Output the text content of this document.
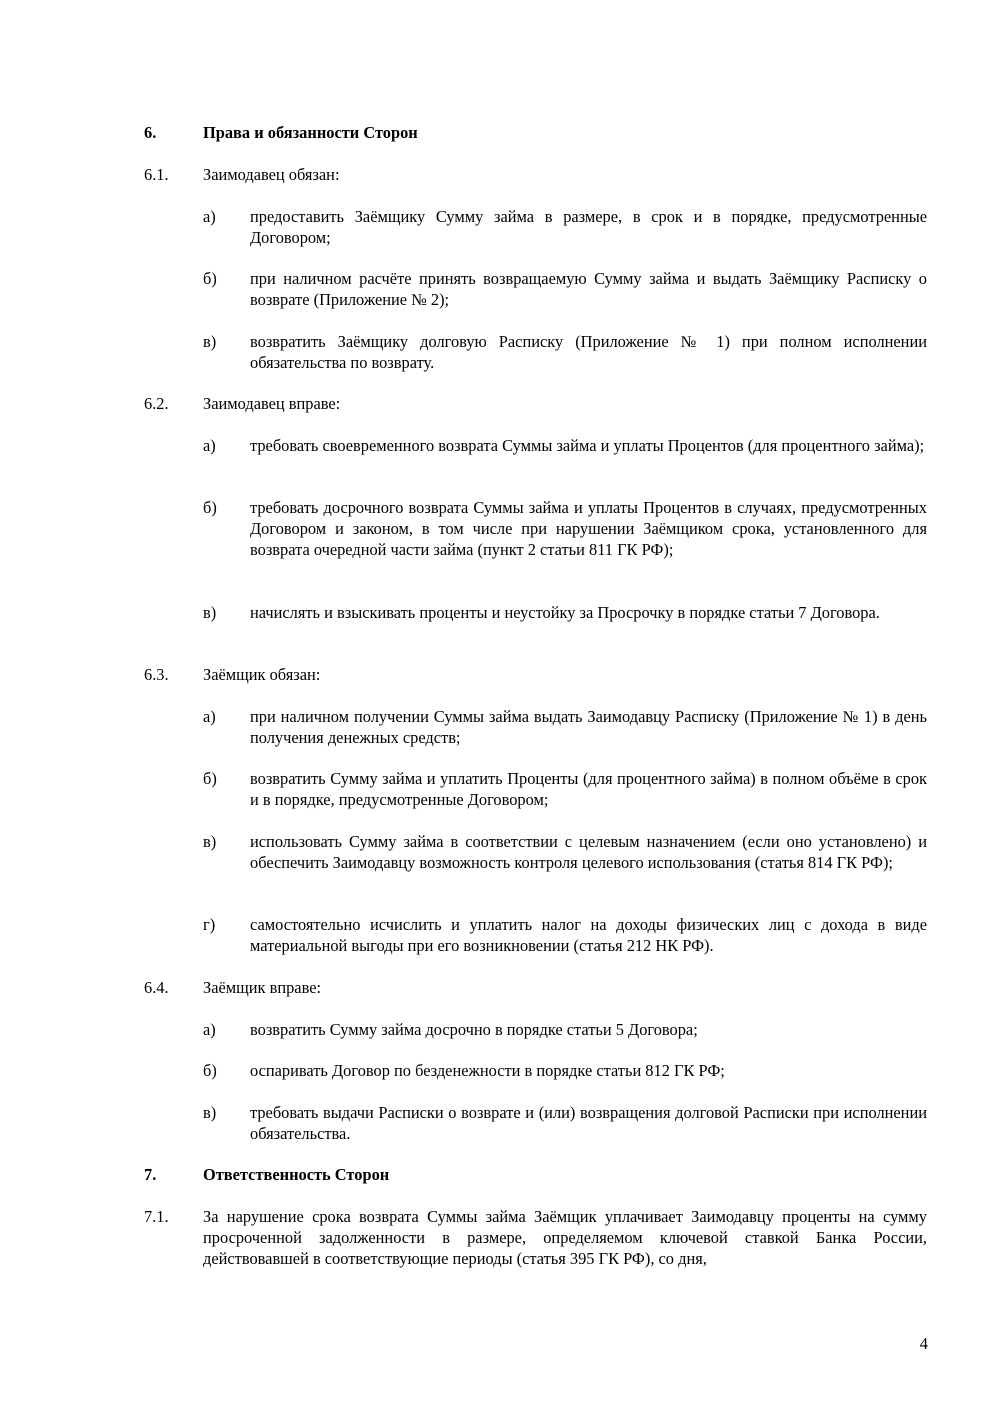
6.	Права и обязанности Сторон
6.1. Заимодавец обязан:
а) предоставить Заёмщику Сумму займа в размере, в срок и в порядке, предусмотренные Договором;
б) при наличном расчёте принять возвращаемую Сумму займа и выдать Заёмщику Расписку о возврате (Приложение № 2);
в) возвратить Заёмщику долговую Расписку (Приложение № 1) при полном исполнении обязательства по возврату.
6.2. Заимодавец вправе:
а) требовать своевременного возврата Суммы займа и уплаты Процентов (для процентного займа);
б) требовать досрочного возврата Суммы займа и уплаты Процентов в случаях, предусмотренных Договором и законом, в том числе при нарушении Заёмщиком срока, установленного для возврата очередной части займа (пункт 2 статьи 811 ГК РФ);
в) начислять и взыскивать проценты и неустойку за Просрочку в порядке статьи 7 Договора.
6.3. Заёмщик обязан:
а) при наличном получении Суммы займа выдать Заимодавцу Расписку (Приложение № 1) в день получения денежных средств;
б) возвратить Сумму займа и уплатить Проценты (для процентного займа) в полном объёме в срок и в порядке, предусмотренные Договором;
в) использовать Сумму займа в соответствии с целевым назначением (если оно установлено) и обеспечить Заимодавцу возможность контроля целевого использования (статья 814 ГК РФ);
г) самостоятельно исчислить и уплатить налог на доходы физических лиц с дохода в виде материальной выгоды при его возникновении (статья 212 НК РФ).
6.4. Заёмщик вправе:
а) возвратить Сумму займа досрочно в порядке статьи 5 Договора;
б) оспаривать Договор по безденежности в порядке статьи 812 ГК РФ;
в) требовать выдачи Расписки о возврате и (или) возвращения долговой Расписки при исполнении обязательства.
7.	Ответственность Сторон
7.1. За нарушение срока возврата Суммы займа Заёмщик уплачивает Заимодавцу проценты на сумму просроченной задолженности в размере, определяемом ключевой ставкой Банка России, действовавшей в соответствующие периоды (статья 395 ГК РФ), со дня,
4
